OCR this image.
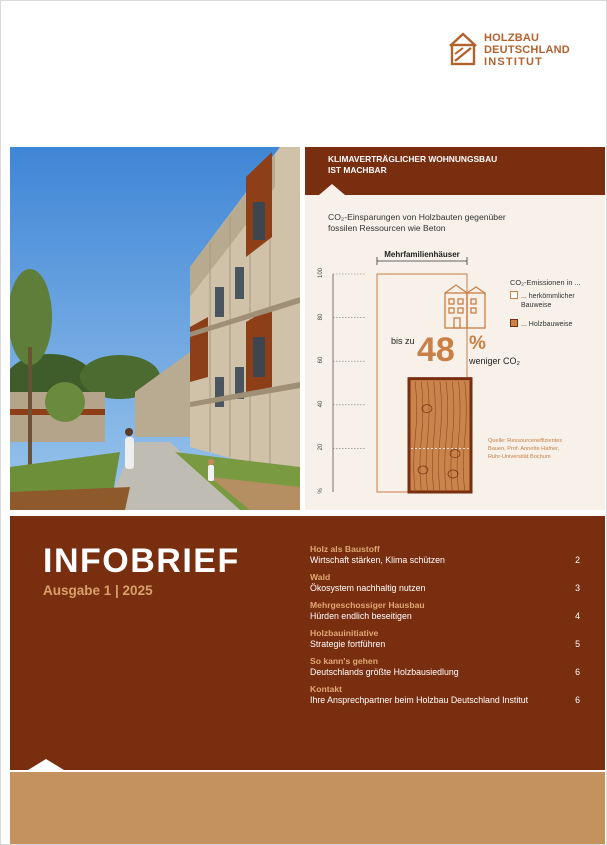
HOLZBAU
DEUTSCHLAND
INSTITUT
KLIMAVERTRÄGLICHER WOHNUNGSBAU
IST MACHBAR
CO₂-Einsparungen von Holzbauten gegenüber
fossilen Ressourcen wie Beton
Mehrfamilienhäuser
bis zu 48 %
weniger CO₂
CO₂-Emissionen in ...
... herkömmlicher
Bauweise
... Holzbauweise
Quelle: Ressourceneffizientes
Bauen, Prof. Annette Hafner,
Ruhr-Universität Bochum
20
40
60
80
100
%
INFOBRIEF
Ausgabe 1 | 2025
Holz als Baustoff
Wirtschaft stärken, Klima schützen	2
Wald
Ökosystem nachhaltig nutzen	3
Mehrgeschossiger Hausbau
Hürden endlich beseitigen	4
Holzbauinitiative
Strategie fortführen	5
So kann's gehen
Deutschlands größte Holzbausiedlung	6
Kontakt
Ihre Ansprechpartner beim Holzbau Deutschland Institut	6
